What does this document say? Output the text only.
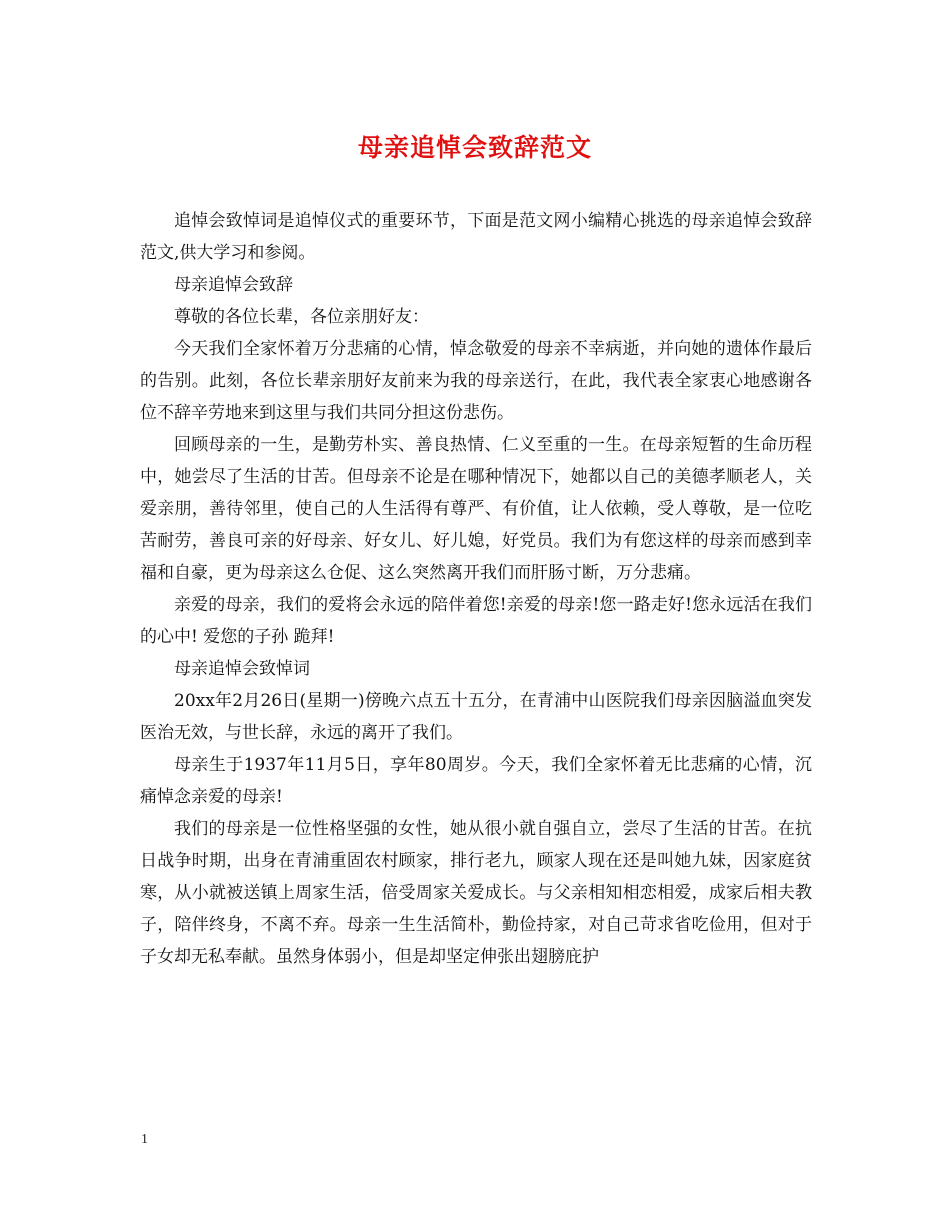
母亲追悼会致辞范文

追悼会致悼词是追悼仪式的重要环节，下面是范文网小编精心挑选的母亲追悼会致辞范文,供大学习和参阅。

母亲追悼会致辞

尊敬的各位长辈，各位亲朋好友：

今天我们全家怀着万分悲痛的心情，悼念敬爱的母亲不幸病逝，并向她的遗体作最后的告别。此刻，各位长辈亲朋好友前来为我的母亲送行，在此，我代表全家衷心地感谢各位不辞辛劳地来到这里与我们共同分担这份悲伤。

回顾母亲的一生，是勤劳朴实、善良热情、仁义至重的一生。在母亲短暂的生命历程中，她尝尽了生活的甘苦。但母亲不论是在哪种情况下，她都以自己的美德孝顺老人，关爱亲朋，善待邻里，使自己的人生活得有尊严、有价值，让人依赖，受人尊敬，是一位吃苦耐劳，善良可亲的好母亲、好女儿、好儿媳，好党员。我们为有您这样的母亲而感到幸福和自豪，更为母亲这么仓促、这么突然离开我们而肝肠寸断，万分悲痛。

亲爱的母亲，我们的爱将会永远的陪伴着您!亲爱的母亲!您一路走好!您永远活在我们的心中! 爱您的子孙 跪拜!

母亲追悼会致悼词

20xx年2月26日(星期一)傍晚六点五十五分，在青浦中山医院我们母亲因脑溢血突发医治无效，与世长辞，永远的离开了我们。

母亲生于1937年11月5日，享年80周岁。今天，我们全家怀着无比悲痛的心情，沉痛悼念亲爱的母亲!

我们的母亲是一位性格坚强的女性，她从很小就自强自立，尝尽了生活的甘苦。在抗日战争时期，出身在青浦重固农村顾家，排行老九，顾家人现在还是叫她九妹，因家庭贫寒，从小就被送镇上周家生活，倍受周家关爱成长。与父亲相知相恋相爱，成家后相夫教子，陪伴终身，不离不弃。母亲一生生活简朴，勤俭持家，对自己苛求省吃俭用，但对于子女却无私奉献。虽然身体弱小，但是却坚定伸张出翅膀庇护

1
